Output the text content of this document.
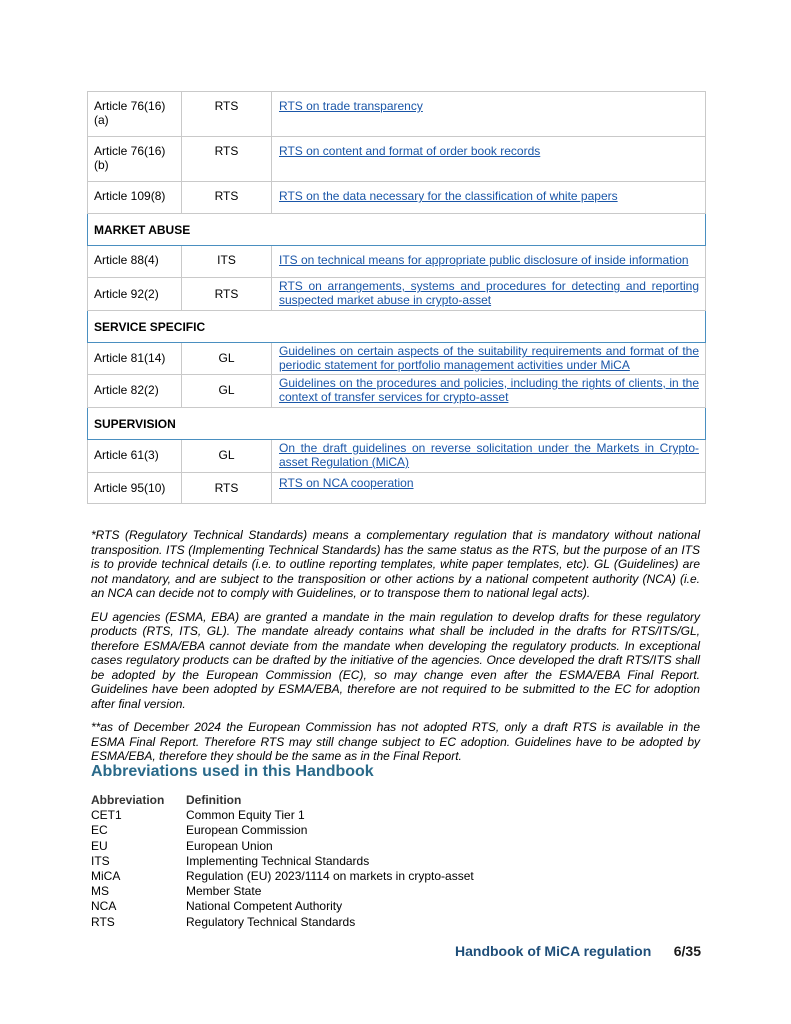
Article 76(16)(a)	RTS	RTS on trade transparency

Article 76(16)(b)	RTS	RTS on content and format of order book records

Article 109(8)	RTS	RTS on the data necessary for the classification of white papers

MARKET ABUSE		
Article 88(4)	ITS	ITS on technical means for appropriate public disclosure of inside information

Article 92(2)	RTS	RTS on arrangements, systems and procedures for detecting and reporting suspected market abuse in crypto-asset

SERVICE SPECIFIC		
Article 81(14)	GL	Guidelines on certain aspects of the suitability requirements and format of the periodic statement for portfolio management activities under MiCA

Article 82(2)	GL	Guidelines on the procedures and policies, including the rights of clients, in the context of transfer services for crypto-asset

SUPERVISION		
Article 61(3)	GL	On the draft guidelines on reverse solicitation under the Markets in Crypto-asset Regulation (MiCA)

Article 95(10)	RTS	RTS on NCA cooperation

*RTS (Regulatory Technical Standards) means a complementary regulation that is mandatory without national transposition. ITS (Implementing Technical Standards) has the same status as the RTS, but the purpose of an ITS is to provide technical details (i.e. to outline reporting templates, white paper templates, etc). GL (Guidelines) are not mandatory, and are subject to the transposition or other actions by a national competent authority (NCA) (i.e. an NCA can decide not to comply with Guidelines, or to transpose them to national legal acts).

EU agencies (ESMA, EBA) are granted a mandate in the main regulation to develop drafts for these regulatory products (RTS, ITS, GL). The mandate already contains what shall be included in the drafts for RTS/ITS/GL, therefore ESMA/EBA cannot deviate from the mandate when developing the regulatory products. In exceptional cases regulatory products can be drafted by the initiative of the agencies. Once developed the draft RTS/ITS shall be adopted by the European Commission (EC), so may change even after the ESMA/EBA Final Report. Guidelines have been adopted by ESMA/EBA, therefore are not required to be submitted to the EC for adoption after final version.

**as of December 2024 the European Commission has not adopted RTS, only a draft RTS is available in the ESMA Final Report. Therefore RTS may still change subject to EC adoption. Guidelines have to be adopted by ESMA/EBA, therefore they should be the same as in the Final Report.

Abbreviations used in this Handbook
Abbreviation	Definition
CET1	Common Equity Tier 1
EC	European Commission
EU	European Union
ITS	Implementing Technical Standards
MiCA	Regulation (EU) 2023/1114 on markets in crypto-asset
MS	Member State
NCA	National Competent Authority
RTS	Regulatory Technical Standards
Handbook of MiCA regulation 6/35
